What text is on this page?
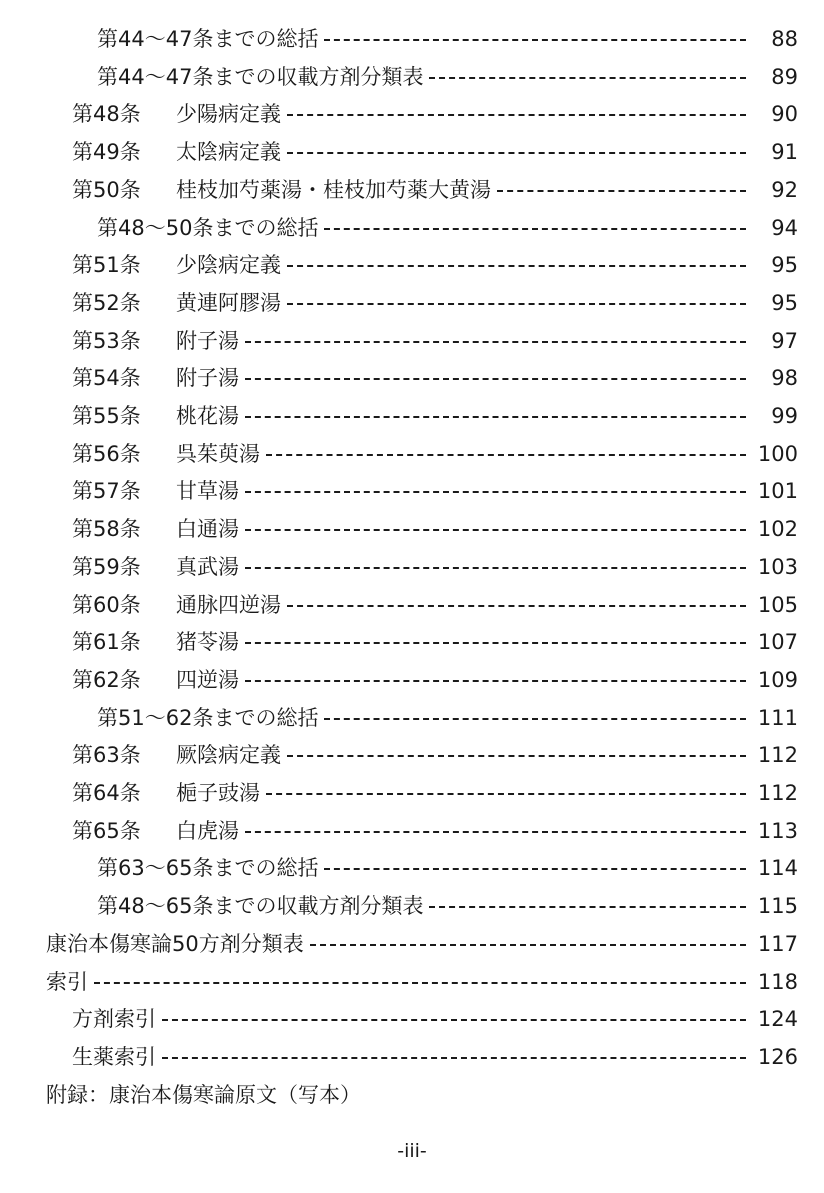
第44～47条までの総括	88
第44～47条までの収載方剤分類表	89
第48条	少陽病定義	90
第49条	太陰病定義	91
第50条	桂枝加芍薬湯・桂枝加芍薬大黄湯	92
第48～50条までの総括	94
第51条	少陰病定義	95
第52条	黄連阿膠湯	95
第53条	附子湯	97
第54条	附子湯	98
第55条	桃花湯	99
第56条	呉茱萸湯	100
第57条	甘草湯	101
第58条	白通湯	102
第59条	真武湯	103
第60条	通脉四逆湯	105
第61条	猪苓湯	107
第62条	四逆湯	109
第51～62条までの総括	111
第63条	厥陰病定義	112
第64条	梔子豉湯	112
第65条	白虎湯	113
第63～65条までの総括	114
第48～65条までの収載方剤分類表	115
康治本傷寒論50方剤分類表	117
索引	118
方剤索引	124
生薬索引	126
附録：康治本傷寒論原文（写本）
-iii-
